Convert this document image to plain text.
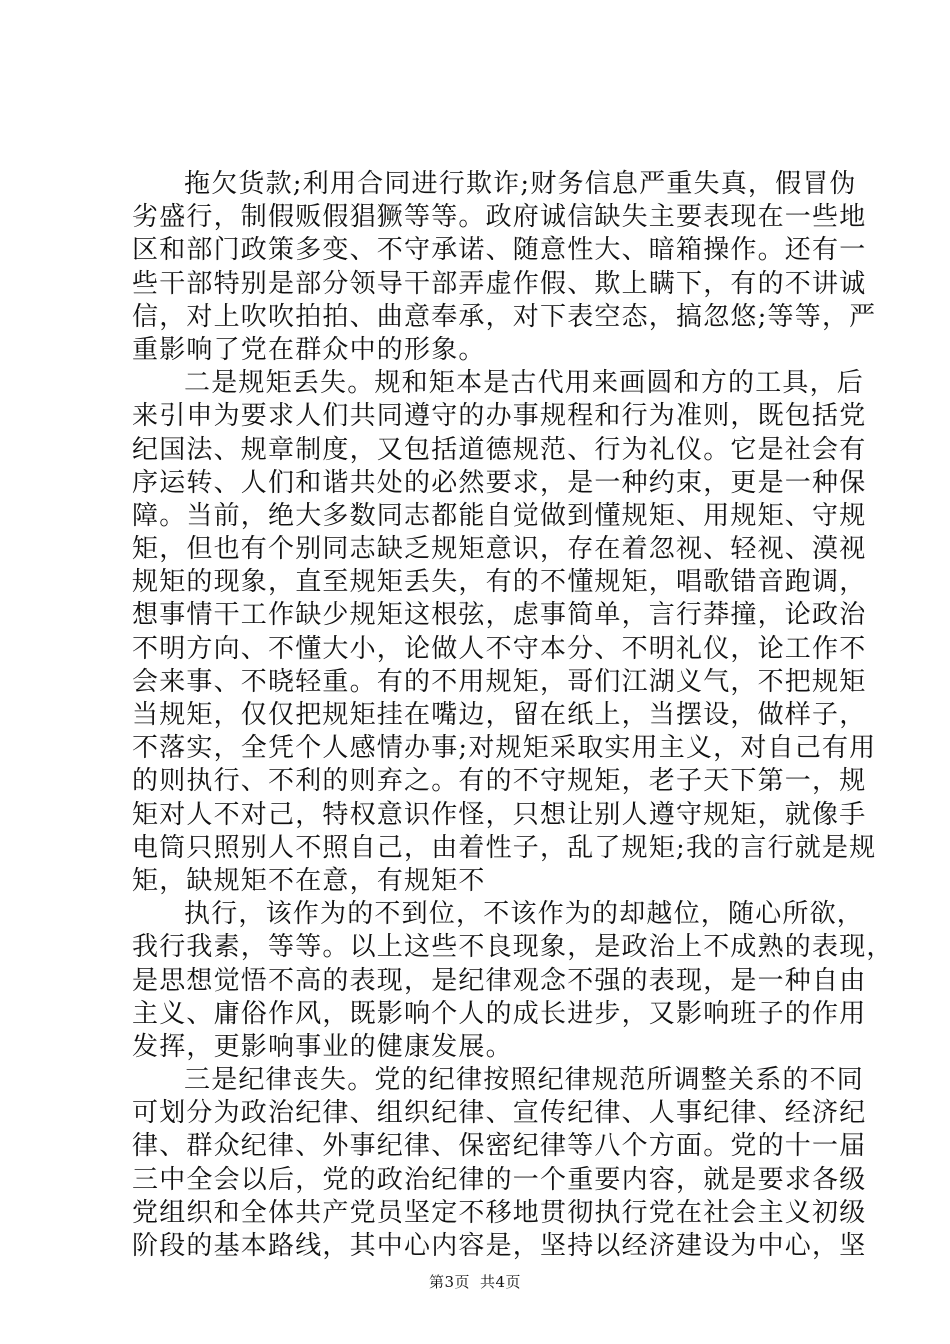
拖欠货款;利用合同进行欺诈;财务信息严重失真，假冒伪
劣盛行，制假贩假猖獗等等。政府诚信缺失主要表现在一些地
区和部门政策多变、不守承诺、随意性大、暗箱操作。还有一
些干部特别是部分领导干部弄虚作假、欺上瞒下，有的不讲诚
信，对上吹吹拍拍、曲意奉承，对下表空态，搞忽悠;等等，严
重影响了党在群众中的形象。
二是规矩丢失。规和矩本是古代用来画圆和方的工具，后
来引申为要求人们共同遵守的办事规程和行为准则，既包括党
纪国法、规章制度，又包括道德规范、行为礼仪。它是社会有
序运转、人们和谐共处的必然要求，是一种约束，更是一种保
障。当前，绝大多数同志都能自觉做到懂规矩、用规矩、守规
矩，但也有个别同志缺乏规矩意识，存在着忽视、轻视、漠视
规矩的现象，直至规矩丢失，有的不懂规矩，唱歌错音跑调，
想事情干工作缺少规矩这根弦，虑事简单，言行莽撞，论政治
不明方向、不懂大小，论做人不守本分、不明礼仪，论工作不
会来事、不晓轻重。有的不用规矩，哥们江湖义气，不把规矩
当规矩，仅仅把规矩挂在嘴边，留在纸上，当摆设，做样子，
不落实，全凭个人感情办事;对规矩采取实用主义，对自己有用
的则执行、不利的则弃之。有的不守规矩，老子天下第一，规
矩对人不对己，特权意识作怪，只想让别人遵守规矩，就像手
电筒只照别人不照自己，由着性子，乱了规矩;我的言行就是规
矩，缺规矩不在意，有规矩不
执行，该作为的不到位，不该作为的却越位，随心所欲，
我行我素，等等。以上这些不良现象，是政治上不成熟的表现，
是思想觉悟不高的表现，是纪律观念不强的表现，是一种自由
主义、庸俗作风，既影响个人的成长进步，又影响班子的作用
发挥，更影响事业的健康发展。
三是纪律丧失。党的纪律按照纪律规范所调整关系的不同
可划分为政治纪律、组织纪律、宣传纪律、人事纪律、经济纪
律、群众纪律、外事纪律、保密纪律等八个方面。党的十一届
三中全会以后，党的政治纪律的一个重要内容，就是要求各级
党组织和全体共产党员坚定不移地贯彻执行党在社会主义初级
阶段的基本路线，其中心内容是，坚持以经济建设为中心，坚
第3页 共4页
